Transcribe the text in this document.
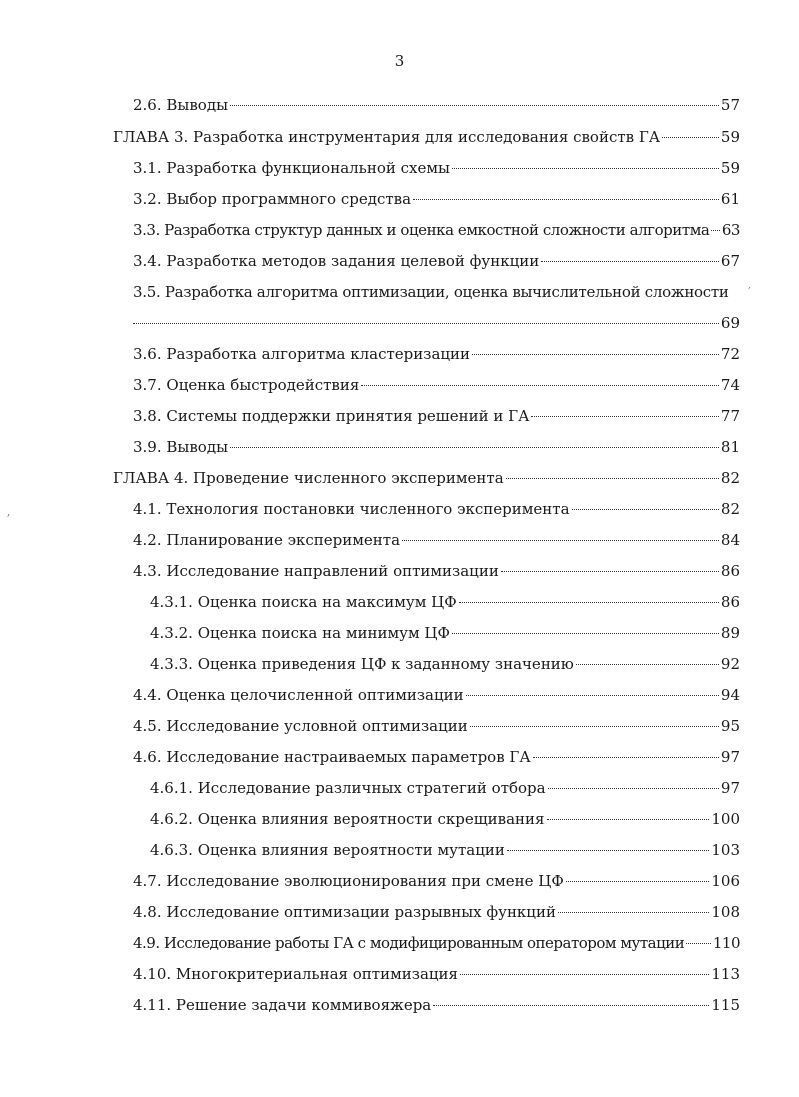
3
2.6. Выводы	57
ГЛАВА 3. Разработка инструментария для исследования свойств ГА	59
3.1. Разработка функциональной схемы	59
3.2. Выбор программного средства	61
3.3. Разработка структур данных и оценка емкостной сложности алгоритма 63
3.4. Разработка методов задания целевой функции	67
3.5. Разработка алгоритма оптимизации, оценка вычислительной сложности
69
3.6. Разработка алгоритма кластеризации	72
3.7. Оценка быстродействия	74
3.8. Системы поддержки принятия решений и ГА	77
3.9. Выводы	81
ГЛАВА 4. Проведение численного эксперимента	82
4.1. Технология постановки численного эксперимента	82
4.2. Планирование эксперимента	84
4.3. Исследование направлений оптимизации	86
4.3.1. Оценка поиска на максимум ЦФ	86
4.3.2. Оценка поиска на минимум ЦФ	89
4.3.3. Оценка приведения ЦФ к заданному значению	92
4.4. Оценка целочисленной оптимизации	94
4.5. Исследование условной оптимизации	95
4.6. Исследование настраиваемых параметров ГА	97
4.6.1. Исследование различных стратегий отбора	97
4.6.2. Оценка влияния вероятности скрещивания	100
4.6.3. Оценка влияния вероятности мутации	103
4.7. Исследование эволюционирования при смене ЦФ	106
4.8. Исследование оптимизации разрывных функций	108
4.9. Исследование работы ГА с модифицированным оператором мутации 110
4.10. Многокритериальная оптимизация	113
4.11. Решение задачи коммивояжера	115
′
ʼ
